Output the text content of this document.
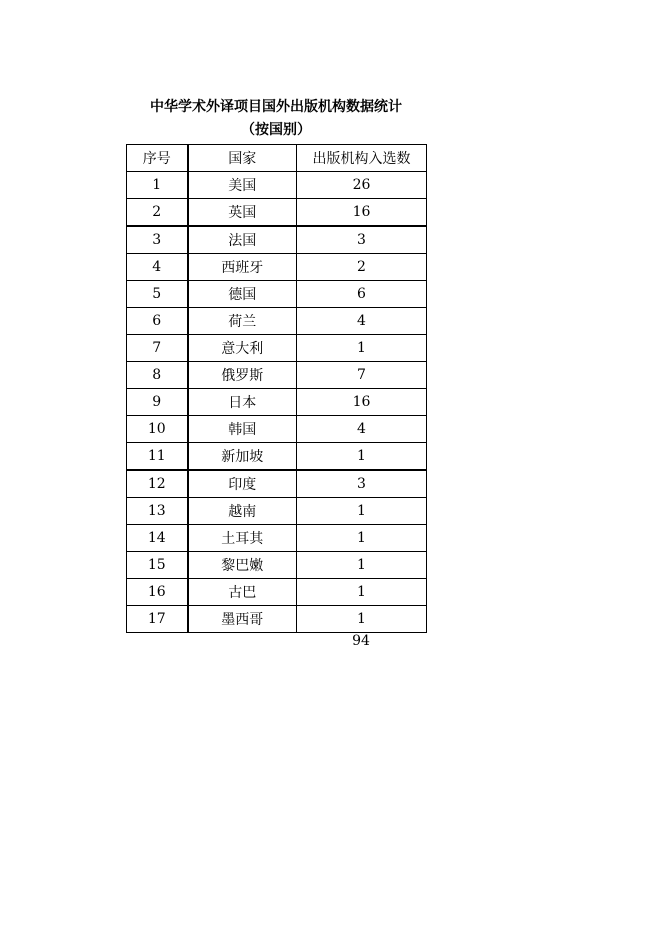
中华学术外译项目国外出版机构数据统计
（按国别）
序号	国家	出版机构入选数
1	美国	26
2	英国	16
3	法国	3
4	西班牙	2
5	德国	6
6	荷兰	4
7	意大利	1
8	俄罗斯	7
9	日本	16
10	韩国	4
11	新加坡	1
12	印度	3
13	越南	1
14	土耳其	1
15	黎巴嫩	1
16	古巴	1
17	墨西哥	1
94
